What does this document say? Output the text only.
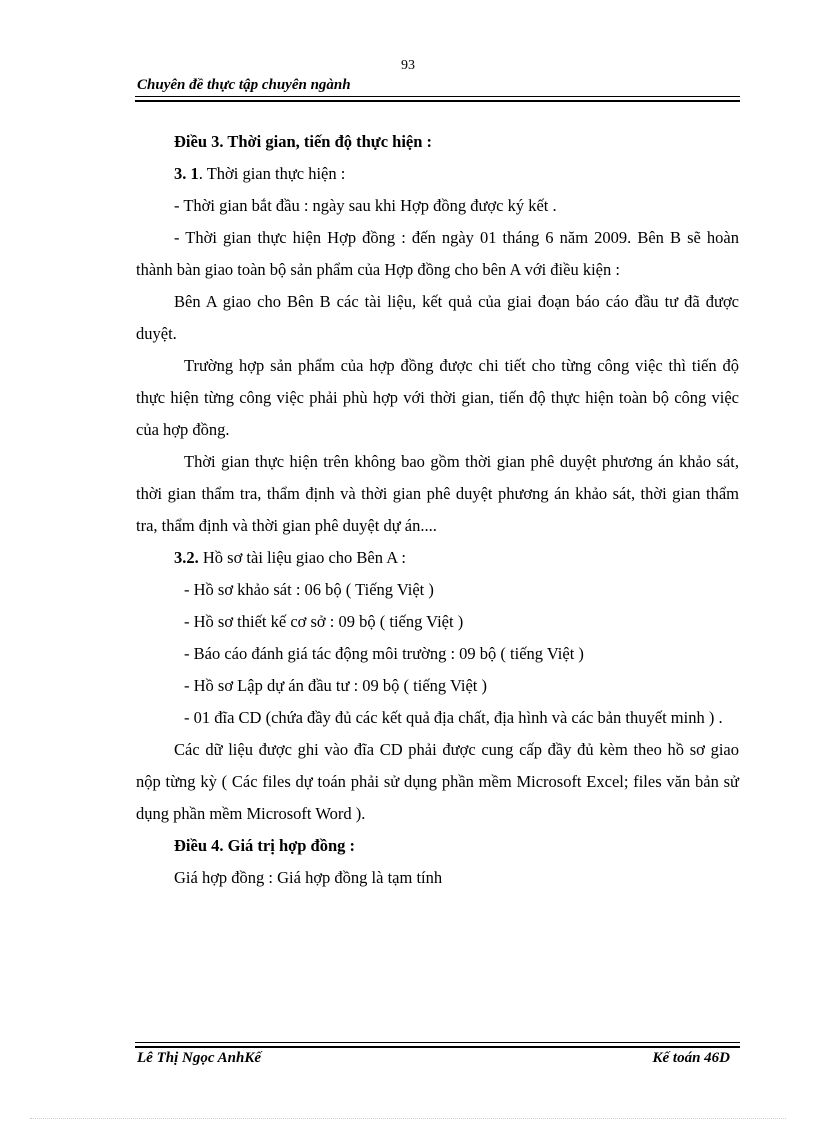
93
Chuyên đề thực tập chuyên ngành

Điều 3. Thời gian, tiến độ thực hiện :

3. 1. Thời gian thực hiện :

- Thời gian bắt đầu : ngày sau khi Hợp đồng được ký kết .

- Thời gian thực hiện Hợp đồng : đến ngày 01 tháng 6 năm 2009. Bên B sẽ hoàn thành bàn giao toàn bộ sản phẩm của Hợp đồng cho bên A với điều kiện :

Bên A giao cho Bên B các tài liệu, kết quả của giai đoạn báo cáo đầu tư đã được duyệt.

Trường hợp sản phẩm của hợp đồng được chi tiết cho từng công việc thì tiến độ thực hiện từng công việc phải phù hợp với thời gian, tiến độ thực hiện toàn bộ công việc của hợp đồng.

Thời gian thực hiện trên không bao gồm thời gian phê duyệt phương án khảo sát, thời gian thẩm tra, thẩm định và thời gian phê duyệt phương án khảo sát, thời gian thẩm tra, thẩm định và thời gian phê duyệt dự án....

3.2. Hồ sơ tài liệu giao cho Bên A :

- Hồ sơ khảo sát : 06 bộ ( Tiếng Việt )

- Hồ sơ thiết kế cơ sở : 09 bộ ( tiếng Việt )

- Báo cáo đánh giá tác động môi trường : 09 bộ ( tiếng Việt )

- Hồ sơ Lập dự án đầu tư : 09 bộ ( tiếng Việt )

- 01 đĩa CD (chứa đầy đủ các kết quả địa chất, địa hình và các bản thuyết minh ) .

Các dữ liệu được ghi vào đĩa CD phải được cung cấp đầy đủ kèm theo hồ sơ giao nộp từng kỳ ( Các files dự toán phải sử dụng phần mềm Microsoft Excel; files văn bản sử dụng phần mềm Microsoft Word ).

Điều 4. Giá trị hợp đồng :

Giá hợp đồng : Giá hợp đồng là tạm tính

Lê Thị Ngọc AnhKế	Kế toán 46D
